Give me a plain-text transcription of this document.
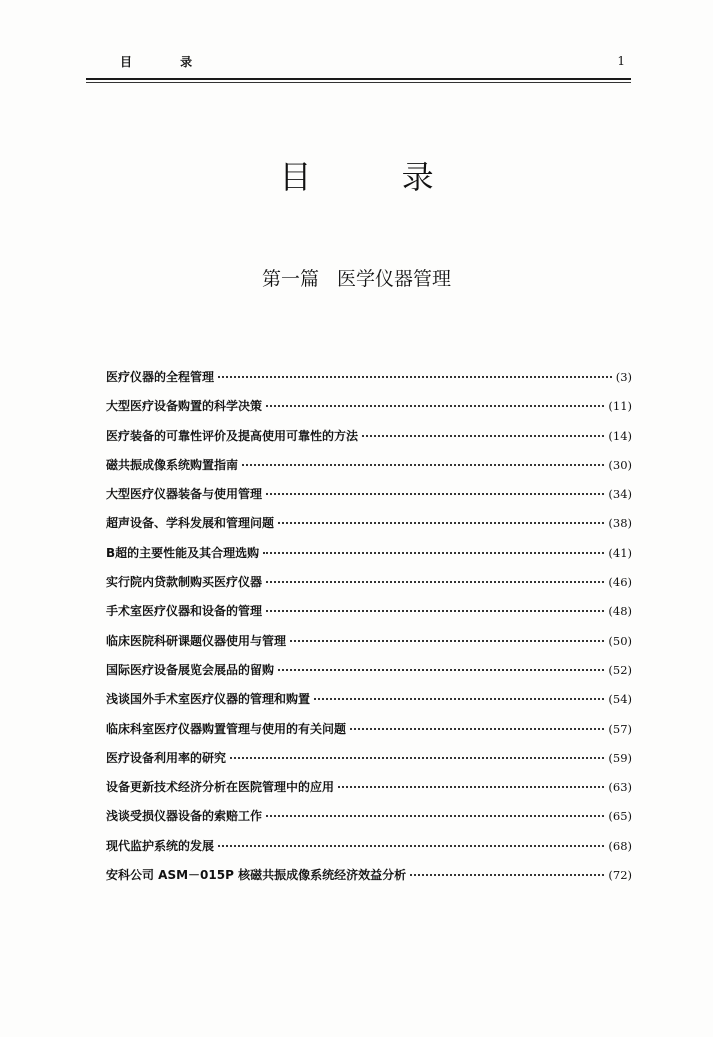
目 录	1
目 录
第一篇   医学仪器管理
医疗仪器的全程管理	(3)
大型医疗设备购置的科学决策	(11)
医疗装备的可靠性评价及提高使用可靠性的方法	(14)
磁共振成像系统购置指南	(30)
大型医疗仪器装备与使用管理	(34)
超声设备、学科发展和管理问题	(38)
B超的主要性能及其合理选购	(41)
实行院内贷款制购买医疗仪器	(46)
手术室医疗仪器和设备的管理	(48)
临床医院科研课题仪器使用与管理	(50)
国际医疗设备展览会展品的留购	(52)
浅谈国外手术室医疗仪器的管理和购置	(54)
临床科室医疗仪器购置管理与使用的有关问题	(57)
医疗设备利用率的研究	(59)
设备更新技术经济分析在医院管理中的应用	(63)
浅谈受损仪器设备的索赔工作	(65)
现代监护系统的发展	(68)
安科公司 ASM－015P 核磁共振成像系统经济效益分析	(72)
